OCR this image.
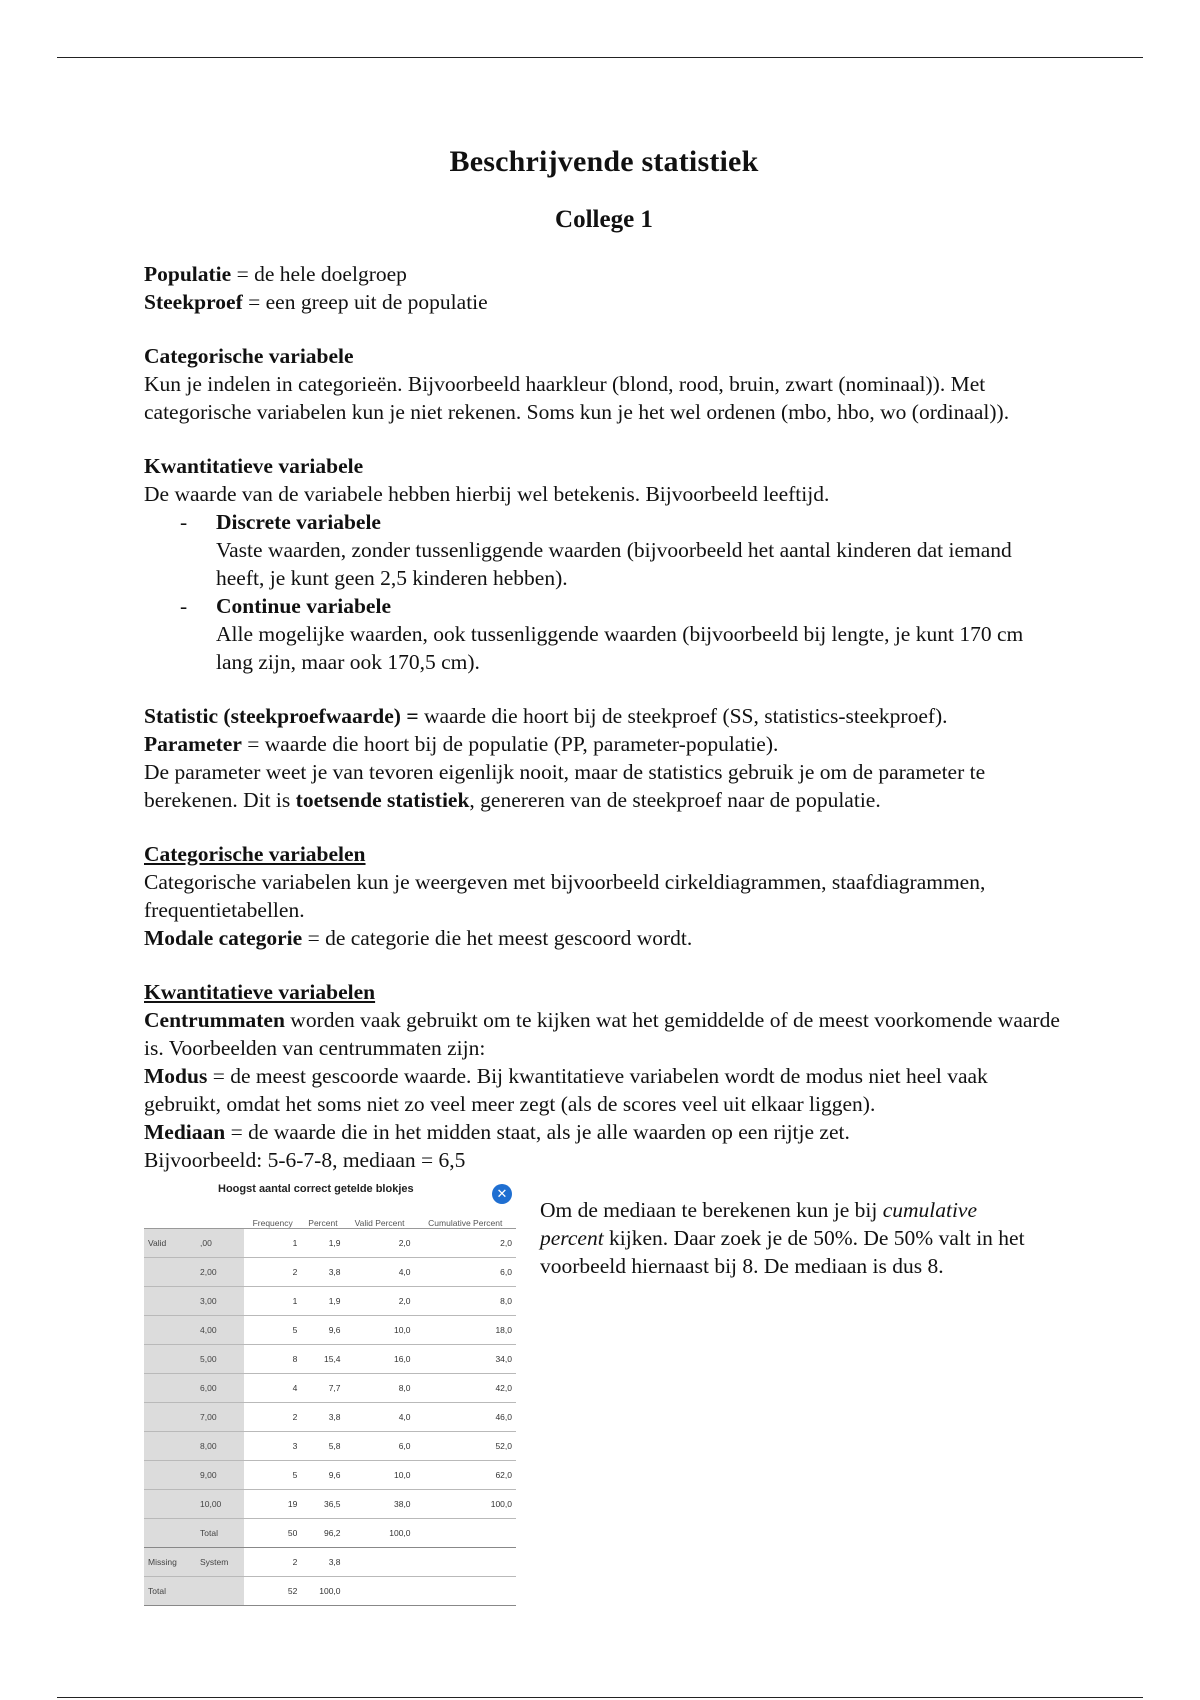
Beschrijvende statistiek
College 1

Populatie = de hele doelgroep

Steekproef = een greep uit de populatie

Categorische variabele

Kun je indelen in categorieën. Bijvoorbeeld haarkleur (blond, rood, bruin, zwart (nominaal)). Met categorische variabelen kun je niet rekenen. Soms kun je het wel ordenen (mbo, hbo, wo (ordinaal)).

Kwantitatieve variabele

De waarde van de variabele hebben hierbij wel betekenis. Bijvoorbeeld leeftijd.

- Discrete variabele
Vaste waarden, zonder tussenliggende waarden (bijvoorbeeld het aantal kinderen dat iemand heeft, je kunt geen 2,5 kinderen hebben).
- Continue variabele
Alle mogelijke waarden, ook tussenliggende waarden (bijvoorbeeld bij lengte, je kunt 170 cm lang zijn, maar ook 170,5 cm).

Statistic (steekproefwaarde) = waarde die hoort bij de steekproef (SS, statistics-steekproef).

Parameter = waarde die hoort bij de populatie (PP, parameter-populatie).

De parameter weet je van tevoren eigenlijk nooit, maar de statistics gebruik je om de parameter te berekenen. Dit is toetsende statistiek, genereren van de steekproef naar de populatie.

Categorische variabelen

Categorische variabelen kun je weergeven met bijvoorbeeld cirkeldiagrammen, staafdiagrammen, frequentietabellen.

Modale categorie = de categorie die het meest gescoord wordt.

Kwantitatieve variabelen

Centrummaten worden vaak gebruikt om te kijken wat het gemiddelde of de meest voorkomende waarde is. Voorbeelden van centrummaten zijn:

Modus = de meest gescoorde waarde. Bij kwantitatieve variabelen wordt de modus niet heel vaak gebruikt, omdat het soms niet zo veel meer zegt (als de scores veel uit elkaar liggen).

Mediaan = de waarde die in het midden staat, als je alle waarden op een rijtje zet.

Bijvoorbeeld: 5-6-7-8, mediaan = 6,5

Hoogst aantal correct getelde blokjes	✕
		Frequency	Percent	Valid Percent	Cumulative Percent
Valid	,00	1	1,9	2,0	2,0
	2,00	2	3,8	4,0	6,0
	3,00	1	1,9	2,0	8,0
	4,00	5	9,6	10,0	18,0
	5,00	8	15,4	16,0	34,0
	6,00	4	7,7	8,0	42,0
	7,00	2	3,8	4,0	46,0
	8,00	3	5,8	6,0	52,0
	9,00	5	9,6	10,0	62,0
	10,00	19	36,5	38,0	100,0
	Total	50	96,2	100,0	
Missing	System	2	3,8		
Total		52	100,0		

Om de mediaan te berekenen kun je bij cumulative percent kijken. Daar zoek je de 50%. De 50% valt in het voorbeeld hiernaast bij 8. De mediaan is dus 8.
